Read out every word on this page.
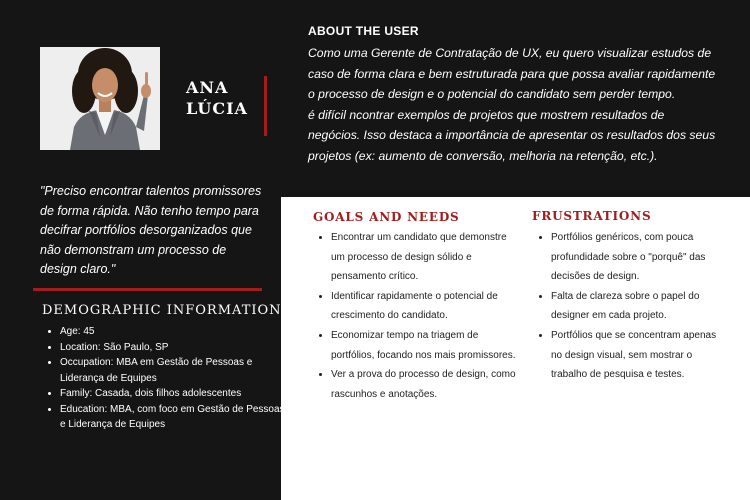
ANA
LÚCIA
"Preciso encontrar talentos promissores de forma rápida. Não tenho tempo para decifrar portfólios desorganizados que não demonstram um processo de design claro."
DEMOGRAPHIC INFORMATION
• Age: 45
• Location: São Paulo, SP
• Occupation: MBA em Gestão de Pessoas e Liderança de Equipes
• Family: Casada, dois filhos adolescentes
• Education: MBA, com foco em Gestão de Pessoas e Liderança de Equipes
ABOUT THE USER

Como uma Gerente de Contratação de UX, eu quero visualizar estudos de caso de forma clara e bem estruturada para que possa avaliar rapidamente o processo de design e o potencial do candidato sem perder tempo.

é difícil nc​ontrar exemplos de projetos que mostrem resultados de negócios. Isso destaca a importância de apresentar os resultados dos seus projetos (ex: aumento de conversão, melhoria na retenção, etc.).

GOALS AND NEEDS
• Encontrar um candidato que demonstre um processo de design sólido e pensamento crítico.
• Identificar rapidamente o potencial de crescimento do candidato.
• Economizar tempo na triagem de portfólios, focando nos mais promissores.
• Ver a prova do processo de design, como rascunhos e anotações.
FRUSTRATIONS
• Portfólios genéricos, com pouca profundidade sobre o "porquê" das decisões de design.
• Falta de clareza sobre o papel do designer em cada projeto.
• Portfólios que se concentram apenas no design visual, sem mostrar o trabalho de pesquisa e testes.
